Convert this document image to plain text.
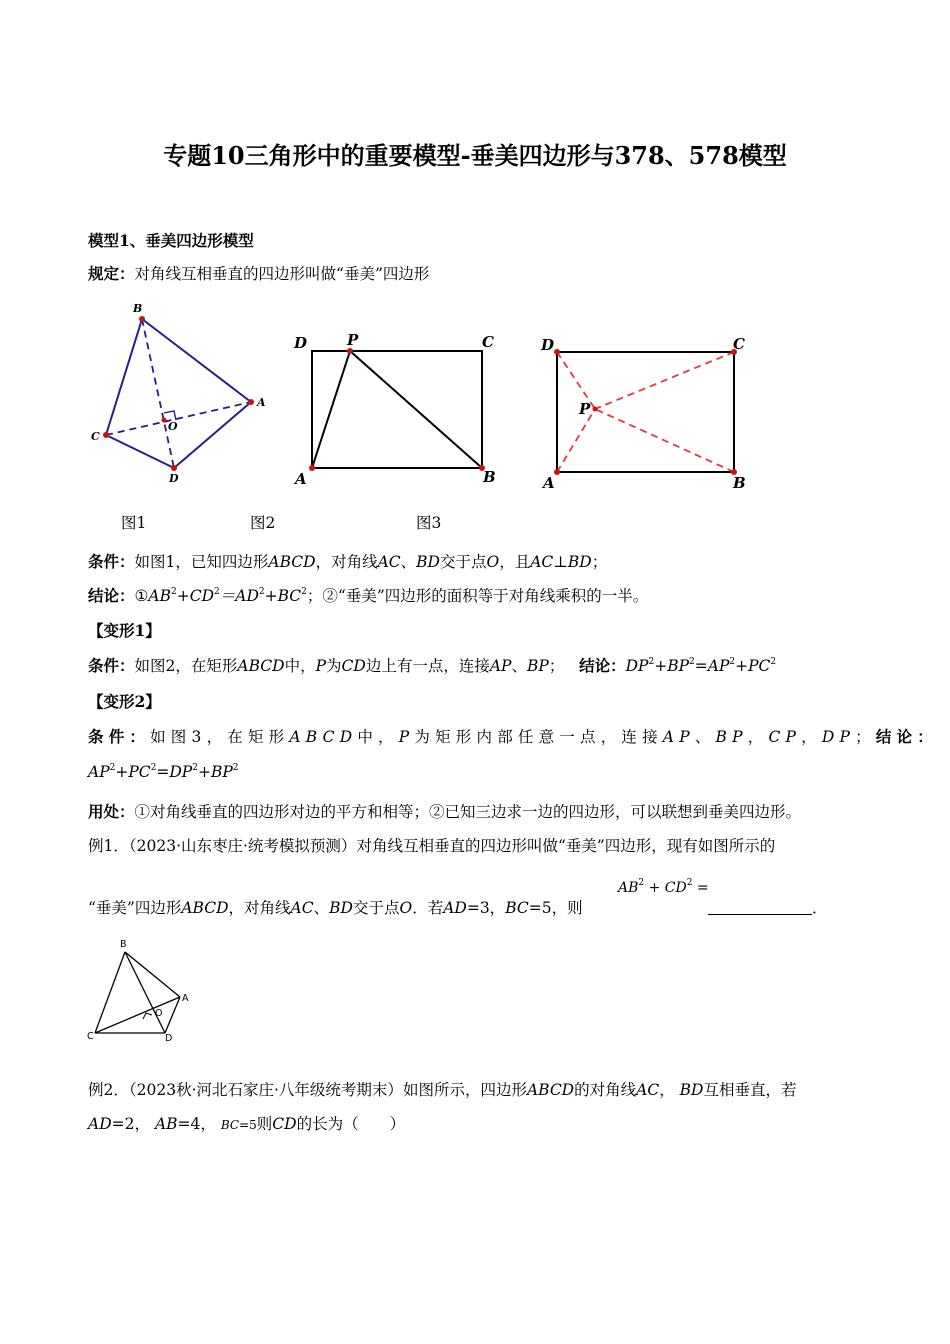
专题10三角形中的重要模型-垂美四边形与378、578模型
模型1、垂美四边形模型
规定：对角线互相垂直的四边形叫做“垂美”四边形
B
A
C
D
O
D	P	C
A	B
D	C
P
A	B
图1	图2	图3
条件：如图1，已知四边形ABCD，对角线AC、BD交于点O，且AC⊥BD；
结论：$①AB^2+CD^2=AD^2+BC^2$；②“垂美”四边形的面积等于对角线乘积的一半。
【变形1】
条件：如图2，在矩形ABCD中，P为CD边上有一点，连接AP、BP； 结论：$DP^2+BP^2=AP^2+PC^2$
【变形2】
条件：如图3，在矩形ABCD中，P为矩形内部任意一点，连接AP、BP，CP，DP；结论：
$AP^2+PC^2=DP^2+BP^2$
用处：①对角线垂直的四边形对边的平方和相等；②已知三边求一边的四边形，可以联想到垂美四边形。
例1．（2023·山东枣庄·统考模拟预测）对角线互相垂直的四边形叫做“垂美”四边形，现有如图所示的
“垂美”四边形ABCD，对角线AC、BD交于点O．若AD=3，BC=5，则
$AB^2 + CD^2$ =
．
B
A
O
C	D
例2．（2023秋·河北石家庄·八年级统考期末）如图所示，四边形ABCD的对角线AC， BD互相垂直，若
AD=2， AB=4， BC=5则CD的长为（　　）
